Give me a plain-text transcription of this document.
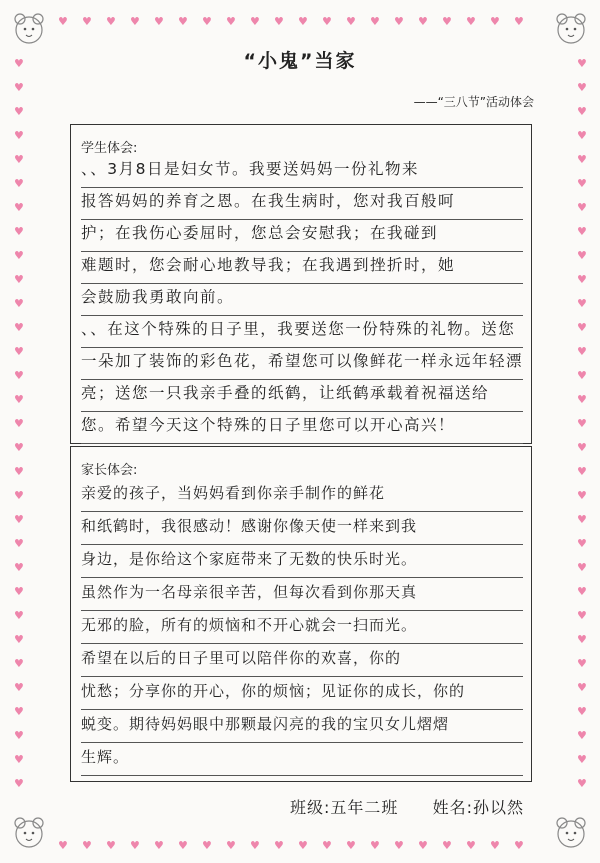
♥
♥
♥
♥
♥
♥
♥
♥
♥
♥
♥
♥
♥
♥
♥
♥
♥
♥
♥
♥
♥
♥
♥
♥
♥
♥
♥
♥
♥
♥
♥
♥
♥
♥
♥
♥
♥
♥
♥
♥
♥	♥
♥	♥
♥	♥
♥	♥
♥	♥
♥	♥
♥	♥
♥	♥
♥	♥
♥	♥
♥	♥
♥	♥
♥	♥
♥	♥
♥	♥
♥	♥
♥	♥
♥	♥
♥	♥
♥	♥
♥	♥
♥	♥
♥	♥
♥	♥
♥	♥
♥	♥
♥	♥
♥	♥
♥	♥
♥	♥
♥	♥
“小鬼”当家
——“三八节”活动体会
学生体会:
、、3月8日是妇女节。我要送妈妈一份礼物来
报答妈妈的养育之恩。在我生病时，您对我百般呵
护；在我伤心委屈时，您总会安慰我；在我碰到
难题时，您会耐心地教导我；在我遇到挫折时，她
会鼓励我勇敢向前。
、、在这个特殊的日子里，我要送您一份特殊的礼物。送您
一朵加了装饰的彩色花，希望您可以像鲜花一样永远年轻漂
亮；送您一只我亲手叠的纸鹤，让纸鹤承载着祝福送给
您。希望今天这个特殊的日子里您可以开心高兴！
家长体会:
亲爱的孩子，当妈妈看到你亲手制作的鲜花
和纸鹤时，我很感动！感谢你像天使一样来到我
身边，是你给这个家庭带来了无数的快乐时光。
虽然作为一名母亲很辛苦，但每次看到你那天真
无邪的脸，所有的烦恼和不开心就会一扫而光。
希望在以后的日子里可以陪伴你的欢喜，你的
忧愁；分享你的开心，你的烦恼；见证你的成长，你的
蜕变。期待妈妈眼中那颗最闪亮的我的宝贝女儿熠熠
生辉。
班级:五年二班 姓名:孙以然
